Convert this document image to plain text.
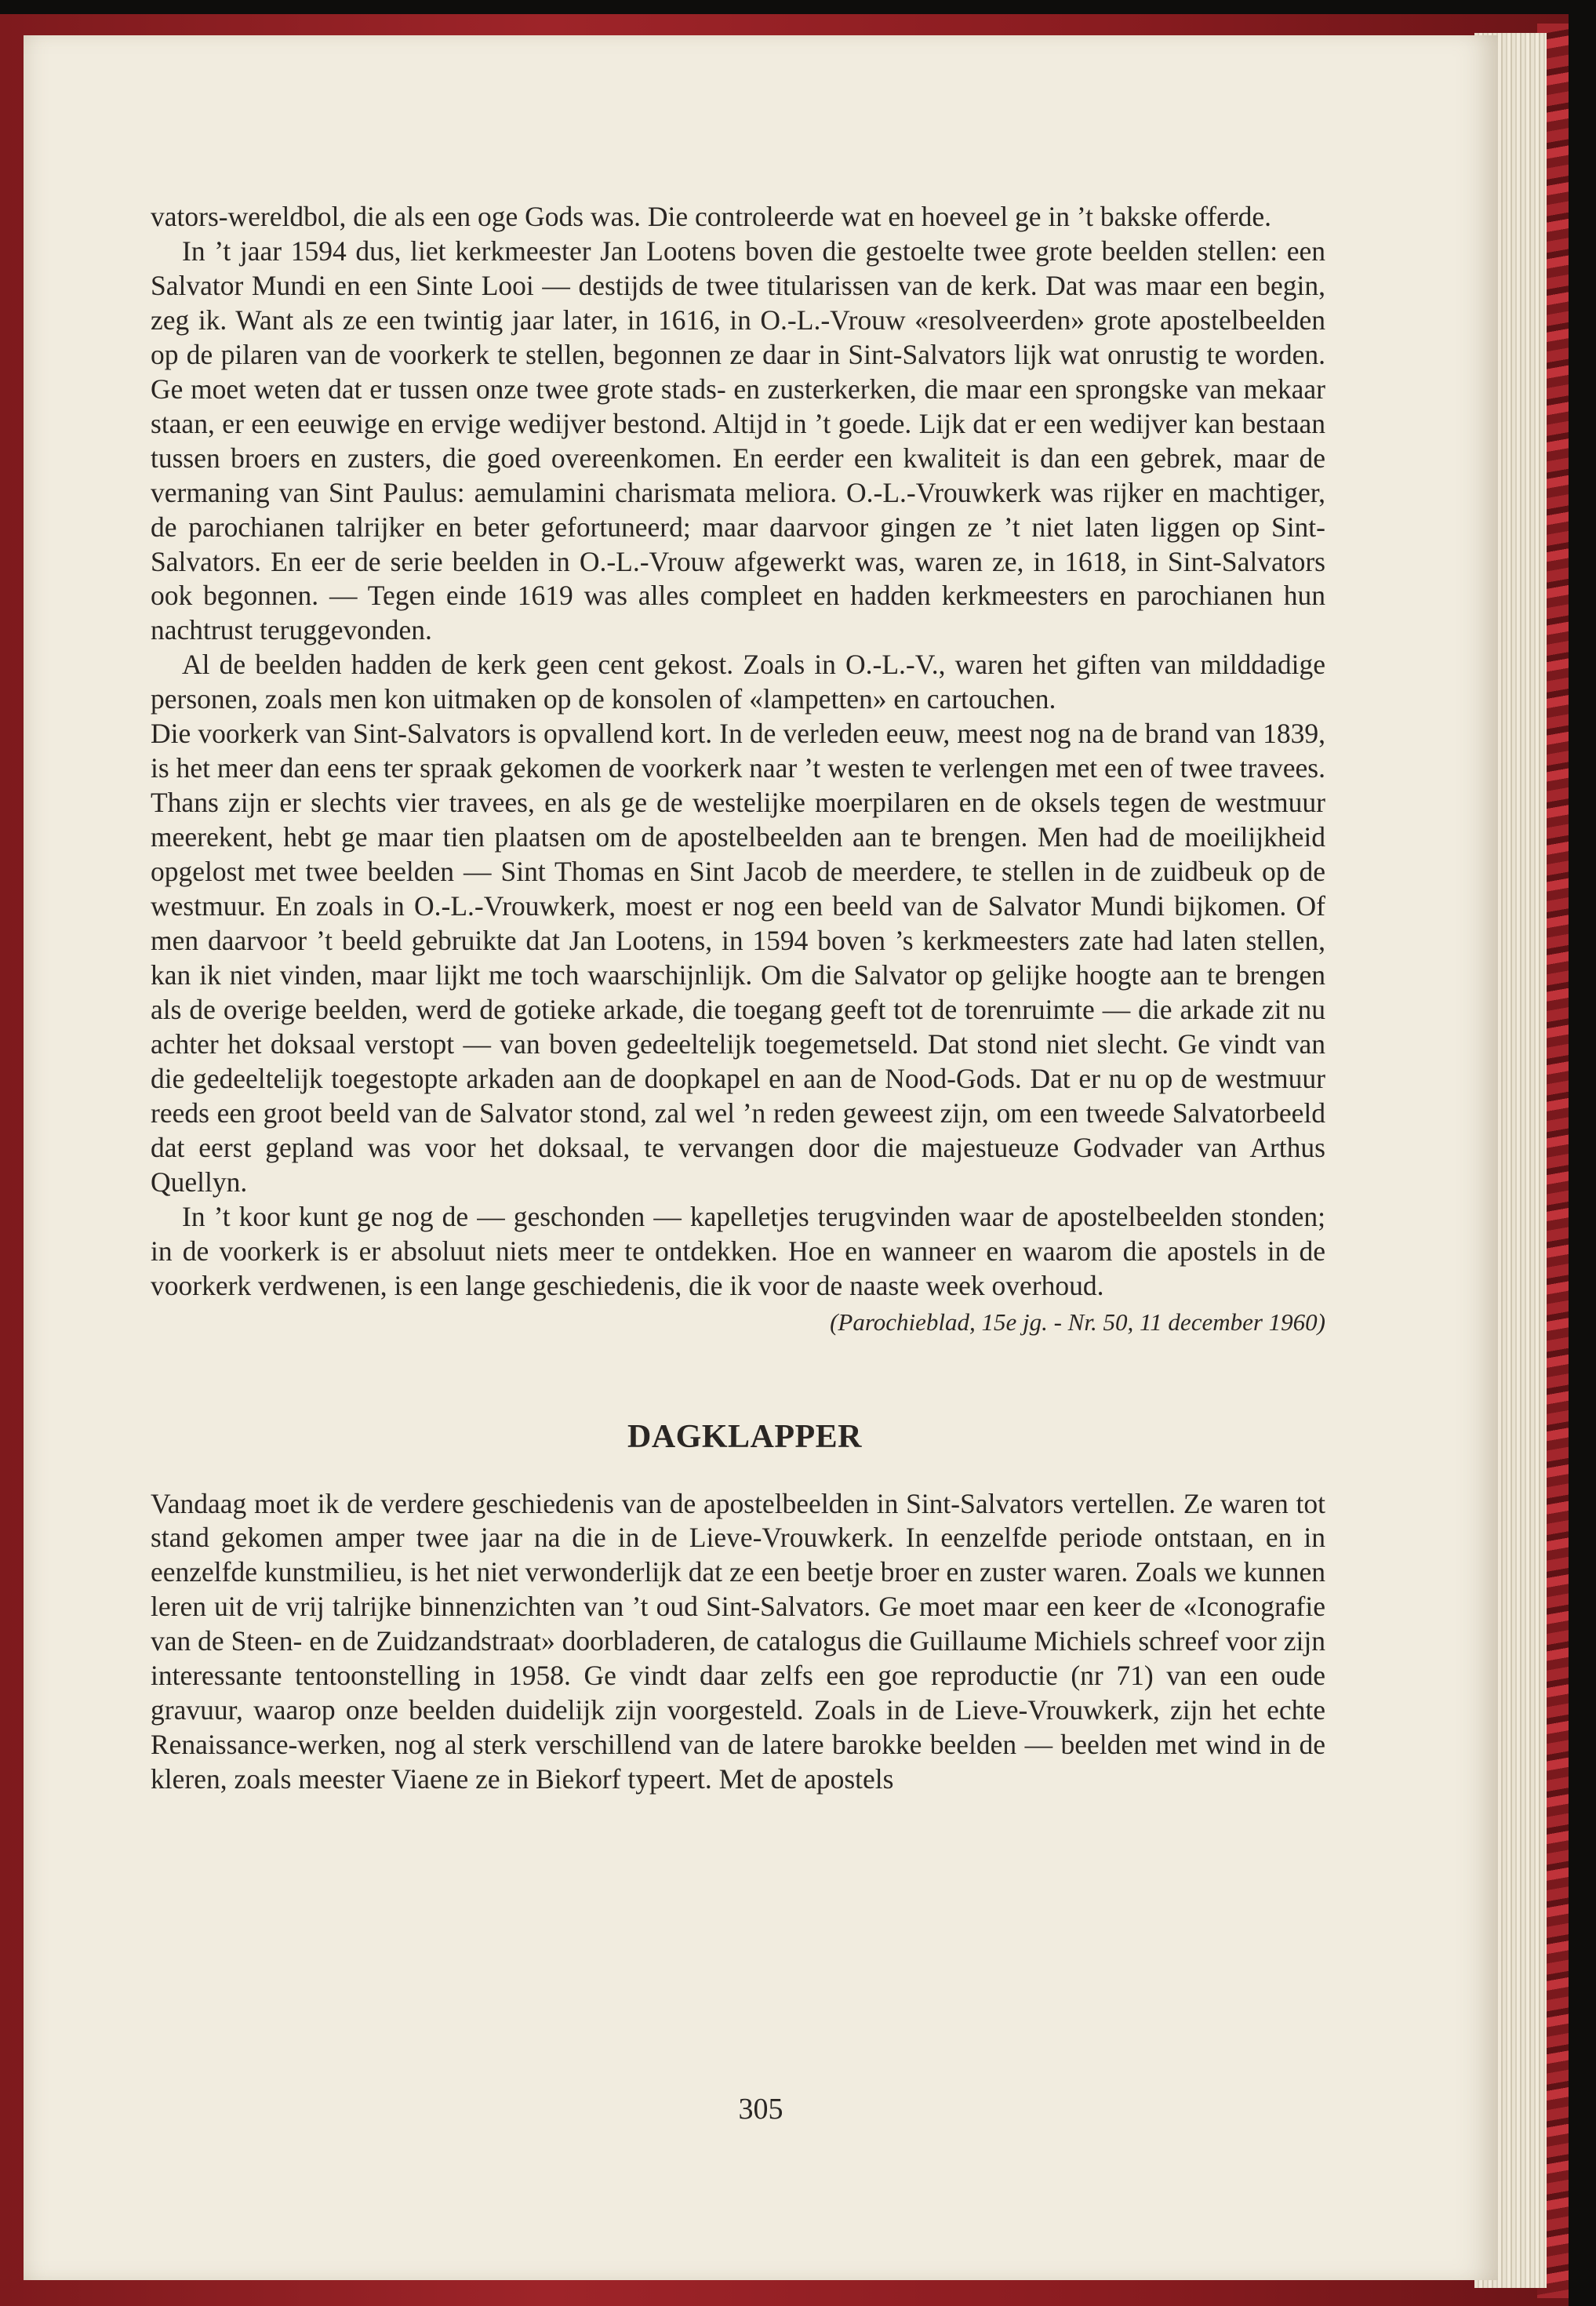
vators-wereldbol, die als een oge Gods was. Die controleerde wat en hoeveel ge in ’t bakske offerde.

In ’t jaar 1594 dus, liet kerkmeester Jan Lootens boven die gestoelte twee grote beelden stellen: een Salvator Mundi en een Sinte Looi — destijds de twee titularissen van de kerk. Dat was maar een begin, zeg ik. Want als ze een twintig jaar later, in 1616, in O.-L.-Vrouw «resolveerden» grote apostelbeelden op de pilaren van de voorkerk te stellen, begonnen ze daar in Sint-Salvators lijk wat onrustig te worden. Ge moet weten dat er tussen onze twee grote stads- en zusterkerken, die maar een sprongske van mekaar staan, er een eeuwige en ervige wedijver bestond. Altijd in ’t goede. Lijk dat er een wedijver kan bestaan tussen broers en zusters, die goed overeenkomen. En eerder een kwaliteit is dan een gebrek, maar de vermaning van Sint Paulus: aemulamini charismata meliora. O.-L.-Vrouwkerk was rijker en machtiger, de parochianen talrijker en beter gefortuneerd; maar daarvoor gingen ze ’t niet laten liggen op Sint-Salvators. En eer de serie beelden in O.-L.-Vrouw afgewerkt was, waren ze, in 1618, in Sint-Salvators ook begonnen. — Tegen einde 1619 was alles compleet en hadden kerkmeesters en parochianen hun nachtrust teruggevonden.

Al de beelden hadden de kerk geen cent gekost. Zoals in O.-L.-V., waren het giften van milddadige personen, zoals men kon uitmaken op de konsolen of «lampetten» en cartouchen.

Die voorkerk van Sint-Salvators is opvallend kort. In de verleden eeuw, meest nog na de brand van 1839, is het meer dan eens ter spraak gekomen de voorkerk naar ’t westen te verlengen met een of twee travees. Thans zijn er slechts vier travees, en als ge de westelijke moerpilaren en de oksels tegen de westmuur meerekent, hebt ge maar tien plaatsen om de apostelbeelden aan te brengen. Men had de moeilijkheid opgelost met twee beelden — Sint Thomas en Sint Jacob de meerdere, te stellen in de zuidbeuk op de westmuur. En zoals in O.-L.-Vrouwkerk, moest er nog een beeld van de Salvator Mundi bijkomen. Of men daarvoor ’t beeld gebruikte dat Jan Lootens, in 1594 boven ’s kerkmeesters zate had laten stellen, kan ik niet vinden, maar lijkt me toch waarschijnlijk. Om die Salvator op gelijke hoogte aan te brengen als de overige beelden, werd de gotieke arkade, die toegang geeft tot de torenruimte — die arkade zit nu achter het doksaal verstopt — van boven gedeeltelijk toegemetseld. Dat stond niet slecht. Ge vindt van die gedeeltelijk toegestopte arkaden aan de doopkapel en aan de Nood-Gods. Dat er nu op de westmuur reeds een groot beeld van de Salvator stond, zal wel ’n reden geweest zijn, om een tweede Salvatorbeeld dat eerst gepland was voor het doksaal, te vervangen door die majestueuze Godvader van Arthus Quellyn.

In ’t koor kunt ge nog de — geschonden — kapelletjes terugvinden waar de apostelbeelden stonden; in de voorkerk is er absoluut niets meer te ontdekken. Hoe en wanneer en waarom die apostels in de voorkerk verdwenen, is een lange geschiedenis, die ik voor de naaste week overhoud.

(Parochieblad, 15e jg. - Nr. 50, 11 december 1960)
DAGKLAPPER

Vandaag moet ik de verdere geschiedenis van de apostelbeelden in Sint-Salvators vertellen. Ze waren tot stand gekomen amper twee jaar na die in de Lieve-Vrouwkerk. In eenzelfde periode ontstaan, en in eenzelfde kunstmilieu, is het niet verwonderlijk dat ze een beetje broer en zuster waren. Zoals we kunnen leren uit de vrij talrijke binnenzichten van ’t oud Sint-Salvators. Ge moet maar een keer de «Iconografie van de Steen- en de Zuidzandstraat» doorbladeren, de catalogus die Guillaume Michiels schreef voor zijn interessante tentoonstelling in 1958. Ge vindt daar zelfs een goe reproductie (nr 71) van een oude gravuur, waarop onze beelden duidelijk zijn voorgesteld. Zoals in de Lieve-Vrouwkerk, zijn het echte Renaissance-werken, nog al sterk verschillend van de latere barokke beelden — beelden met wind in de kleren, zoals meester Viaene ze in Biekorf typeert. Met de apostels

305
